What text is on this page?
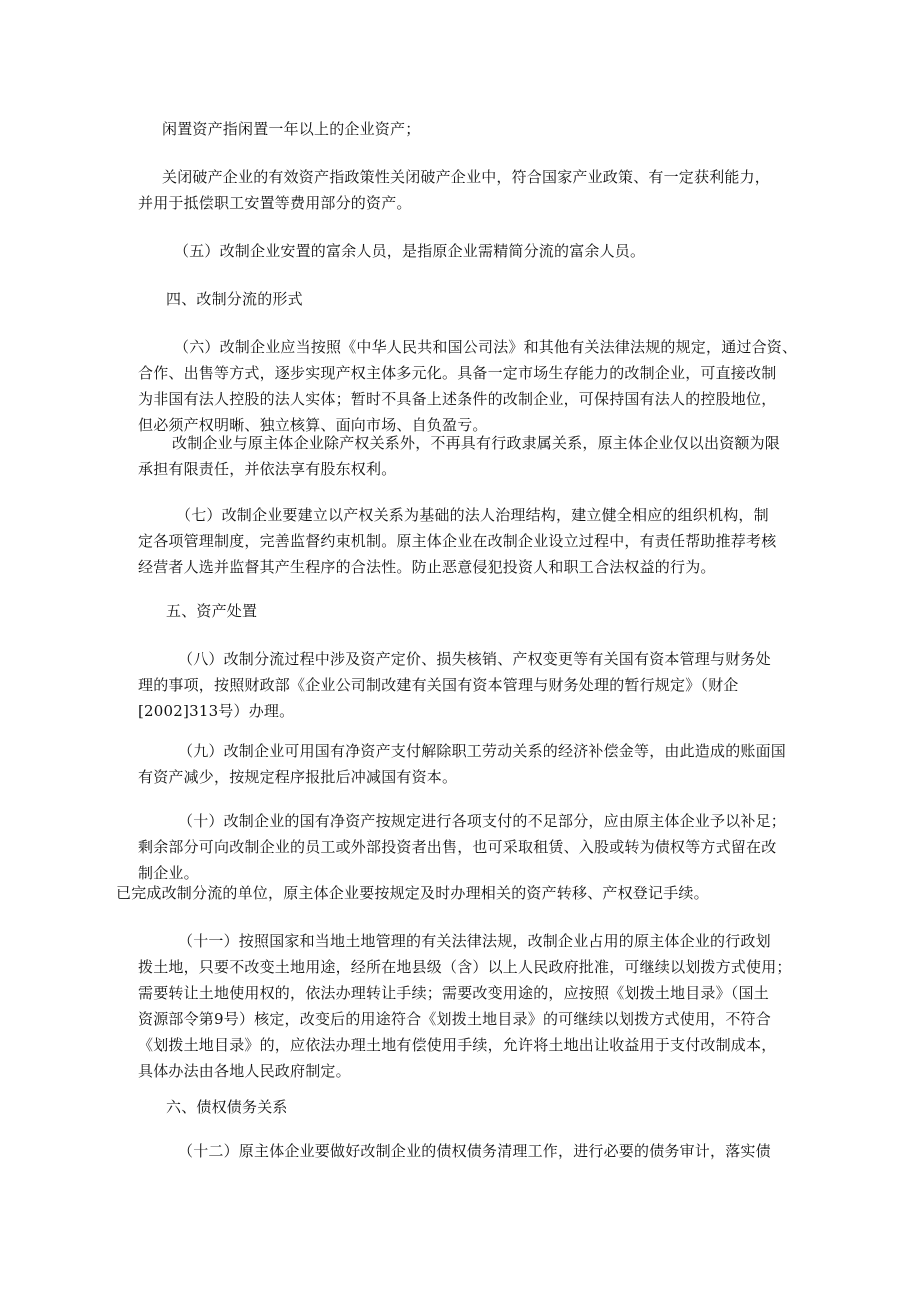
闲置资产指闲置一年以上的企业资产；
关闭破产企业的有效资产指政策性关闭破产企业中，符合国家产业政策、有一定获利能力，
并用于抵偿职工安置等费用部分的资产。
（五）改制企业安置的富余人员，是指原企业需精简分流的富余人员。
四、改制分流的形式
（六）改制企业应当按照《中华人民共和国公司法》和其他有关法律法规的规定，通过合资、
合作、出售等方式，逐步实现产权主体多元化。具备一定市场生存能力的改制企业，可直接改制
为非国有法人控股的法人实体；暂时不具备上述条件的改制企业，可保持国有法人的控股地位，
但必须产权明晰、独立核算、面向市场、自负盈亏。
改制企业与原主体企业除产权关系外，不再具有行政隶属关系，原主体企业仅以出资额为限
承担有限责任，并依法享有股东权利。
（七）改制企业要建立以产权关系为基础的法人治理结构，建立健全相应的组织机构，制
定各项管理制度，完善监督约束机制。原主体企业在改制企业设立过程中，有责任帮助推荐考核
经营者人选并监督其产生程序的合法性。防止恶意侵犯投资人和职工合法权益的行为。
五、资产处置
（八）改制分流过程中涉及资产定价、损失核销、产权变更等有关国有资本管理与财务处
理的事项，按照财政部《企业公司制改建有关国有资本管理与财务处理的暂行规定》（财企
[2002]313号）办理。
（九）改制企业可用国有净资产支付解除职工劳动关系的经济补偿金等，由此造成的账面国
有资产减少，按规定程序报批后冲减国有资本。
（十）改制企业的国有净资产按规定进行各项支付的不足部分，应由原主体企业予以补足；
剩余部分可向改制企业的员工或外部投资者出售，也可采取租赁、入股或转为债权等方式留在改
制企业。
已完成改制分流的单位，原主体企业要按规定及时办理相关的资产转移、产权登记手续。
（十一）按照国家和当地土地管理的有关法律法规，改制企业占用的原主体企业的行政划
拨土地，只要不改变土地用途，经所在地县级（含）以上人民政府批准，可继续以划拨方式使用；
需要转让土地使用权的，依法办理转让手续；需要改变用途的，应按照《划拨土地目录》（国土
资源部令第9号）核定，改变后的用途符合《划拨土地目录》的可继续以划拨方式使用，不符合
《划拨土地目录》的，应依法办理土地有偿使用手续，允许将土地出让收益用于支付改制成本，
具体办法由各地人民政府制定。
六、债权债务关系
（十二）原主体企业要做好改制企业的债权债务清理工作，进行必要的债务审计，落实债
